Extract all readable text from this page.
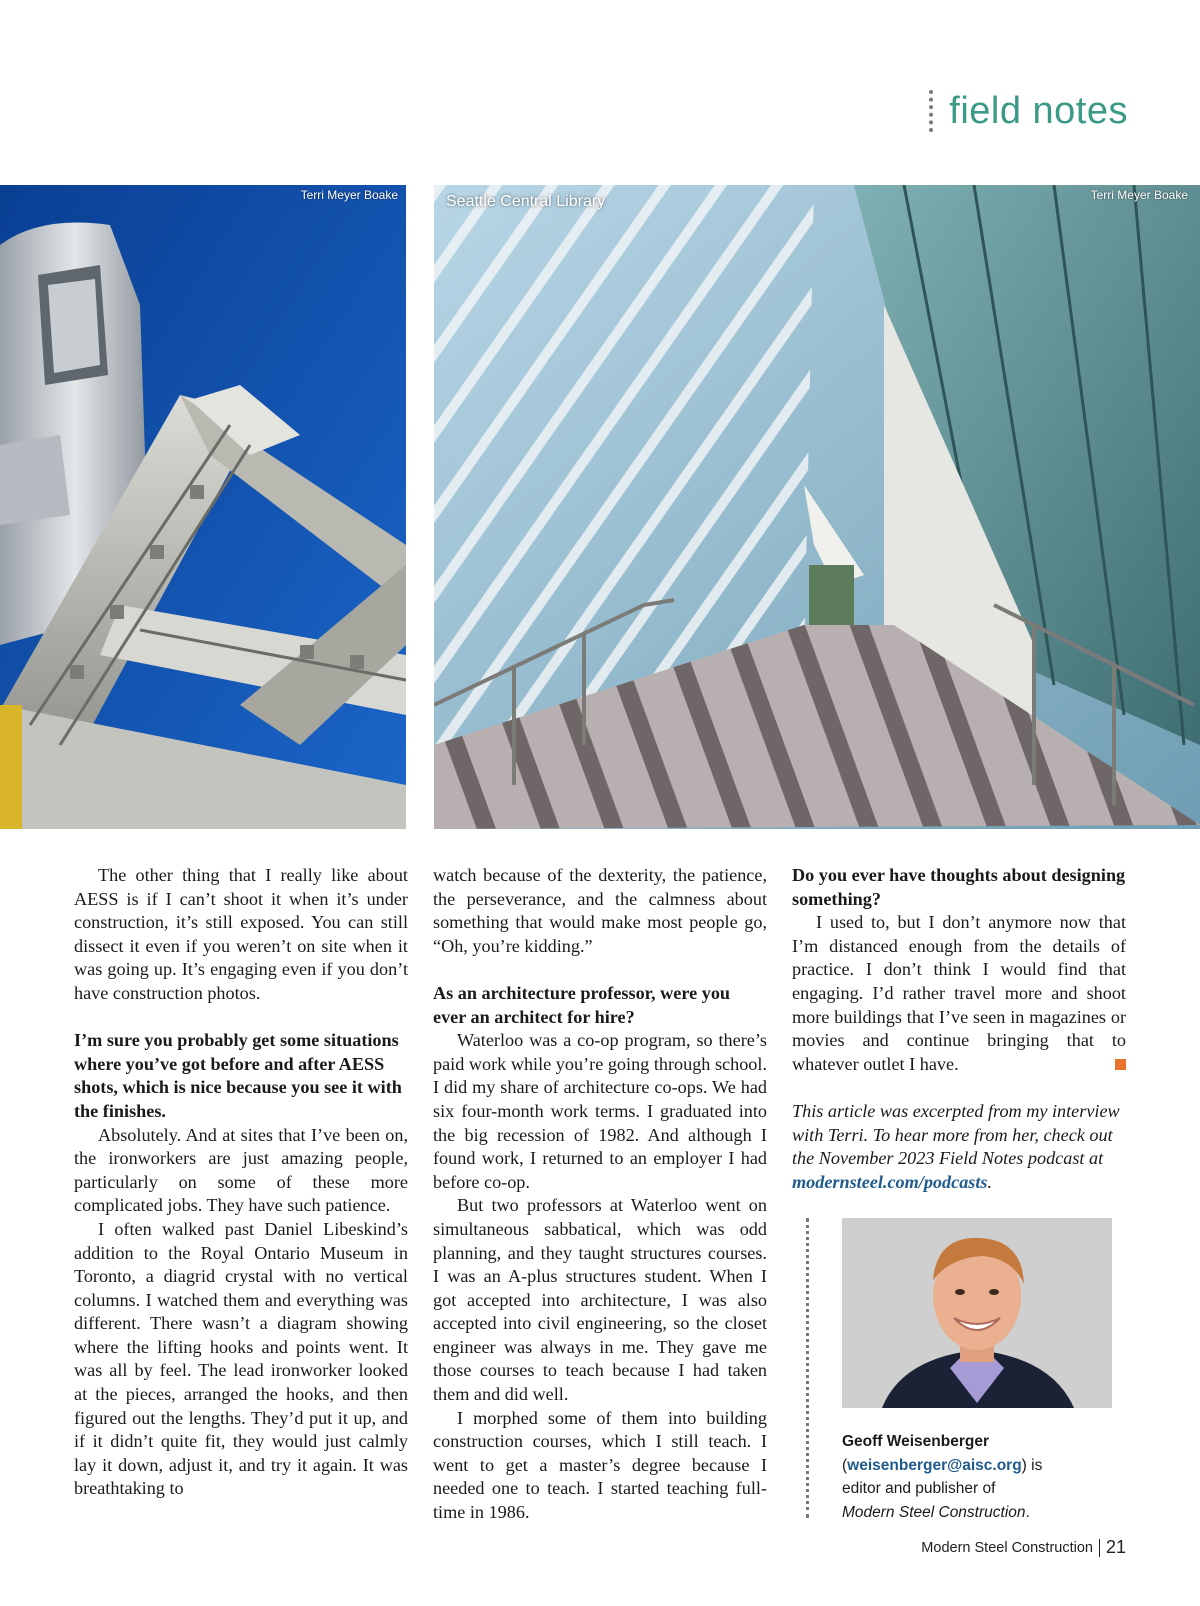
field notes
Terri Meyer Boake	Seattle Central Library	Terri Meyer Boake

The other thing that I really like about AESS is if I can’t shoot it when it’s under construction, it’s still exposed. You can still dissect it even if you weren’t on site when it was going up. It’s engaging even if you don’t have construction photos.

I’m sure you probably get some situations where you’ve got before and after AESS shots, which is nice because you see it with the finishes.

Absolutely. And at sites that I’ve been on, the ironworkers are just amazing people, particularly on some of these more complicated jobs. They have such patience.

I often walked past Daniel Libeskind’s addition to the Royal Ontario Museum in Toronto, a diagrid crystal with no vertical columns. I watched them and everything was different. There wasn’t a diagram showing where the lifting hooks and points went. It was all by feel. The lead ironworker looked at the pieces, arranged the hooks, and then figured out the lengths. They’d put it up, and if it didn’t quite fit, they would just calmly lay it down, adjust it, and try it again. It was breathtaking to

watch because of the dexterity, the patience, the perseverance, and the calmness about something that would make most people go, “Oh, you’re kidding.”

As an architecture professor, were you ever an architect for hire?

Waterloo was a co-op program, so there’s paid work while you’re going through school. I did my share of architecture co-ops. We had six four-month work terms. I graduated into the big recession of 1982. And although I found work, I returned to an employer I had before co-op.

But two professors at Waterloo went on simultaneous sabbatical, which was odd planning, and they taught structures courses. I was an A-plus structures student. When I got accepted into architecture, I was also accepted into civil engineering, so the closet engineer was always in me. They gave me those courses to teach because I had taken them and did well.

I morphed some of them into building construction courses, which I still teach. I went to get a master’s degree because I needed one to teach. I started teaching full-time in 1986.

Do you ever have thoughts about designing something?

I used to, but I don’t anymore now that I’m distanced enough from the details of practice. I don’t think I would find that engaging. I’d rather travel more and shoot more buildings that I’ve seen in magazines or movies and continue bringing that to whatever outlet I have.

This article was excerpted from my interview with Terri. To hear more from her, check out the November 2023 Field Notes podcast at modernsteel.com/podcasts.

Geoff Weisenberger
(weisenberger@aisc.org) is
editor and publisher of
Modern Steel Construction.
Modern Steel Construction 21
